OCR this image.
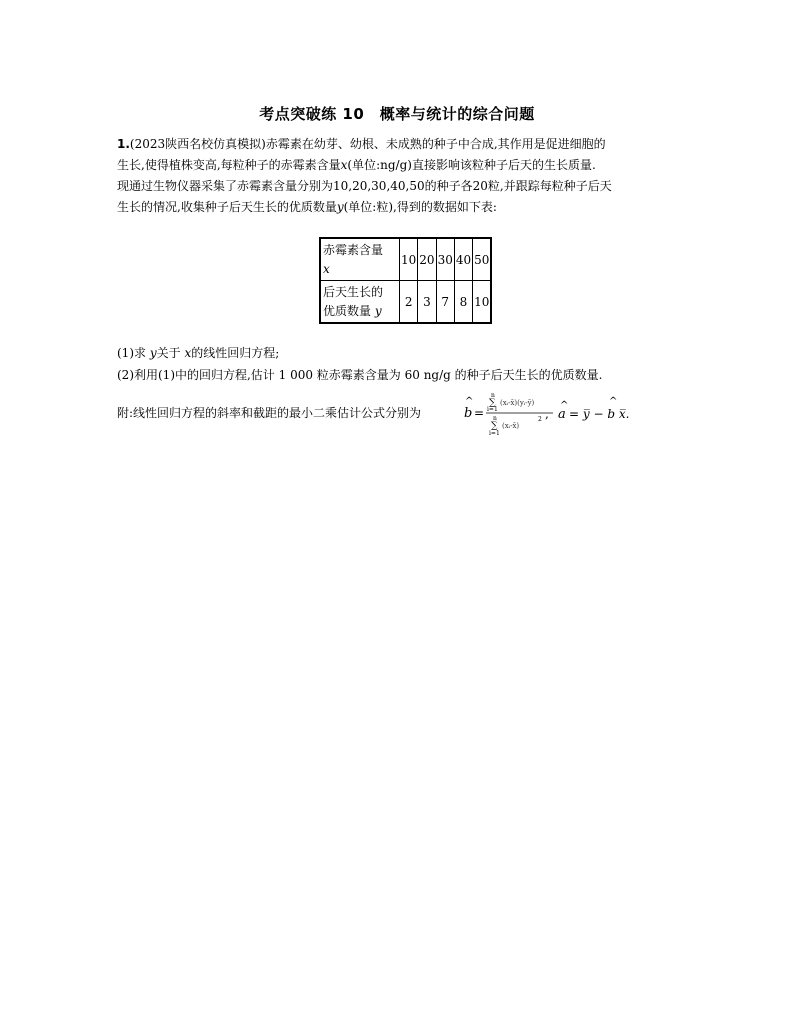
考点突破练 10　概率与统计的综合问题
1.(2023陕西名校仿真模拟)赤霉素在幼芽、幼根、未成熟的种子中合成,其作用是促进细胞的
生长,使得植株变高,每粒种子的赤霉素含量x(单位:ng/g)直接影响该粒种子后天的生长质量.
现通过生物仪器采集了赤霉素含量分别为10,20,30,40,50的种子各20粒,并跟踪每粒种子后天
生长的情况,收集种子后天生长的优质数量y(单位:粒),得到的数据如下表:
赤霉素含量
x	10	20	30	40	50
后天生长的
优质数量 y	2	3	7	8	10
(1)求 y关于 x的线性回归方程;
(2)利用(1)中的回归方程,估计 1 000 粒赤霉素含量为 60 ng/g 的种子后天生长的优质数量.
附:线性回归方程的斜率和截距的最小二乘估计公式分别为
^
b =
n
∑
i=1
(xᵢ-x̄)(yᵢ-ȳ)
n
∑
i=1
(xᵢ-x̄)
2 ,
^
a = y̅ − b x̅.
^
